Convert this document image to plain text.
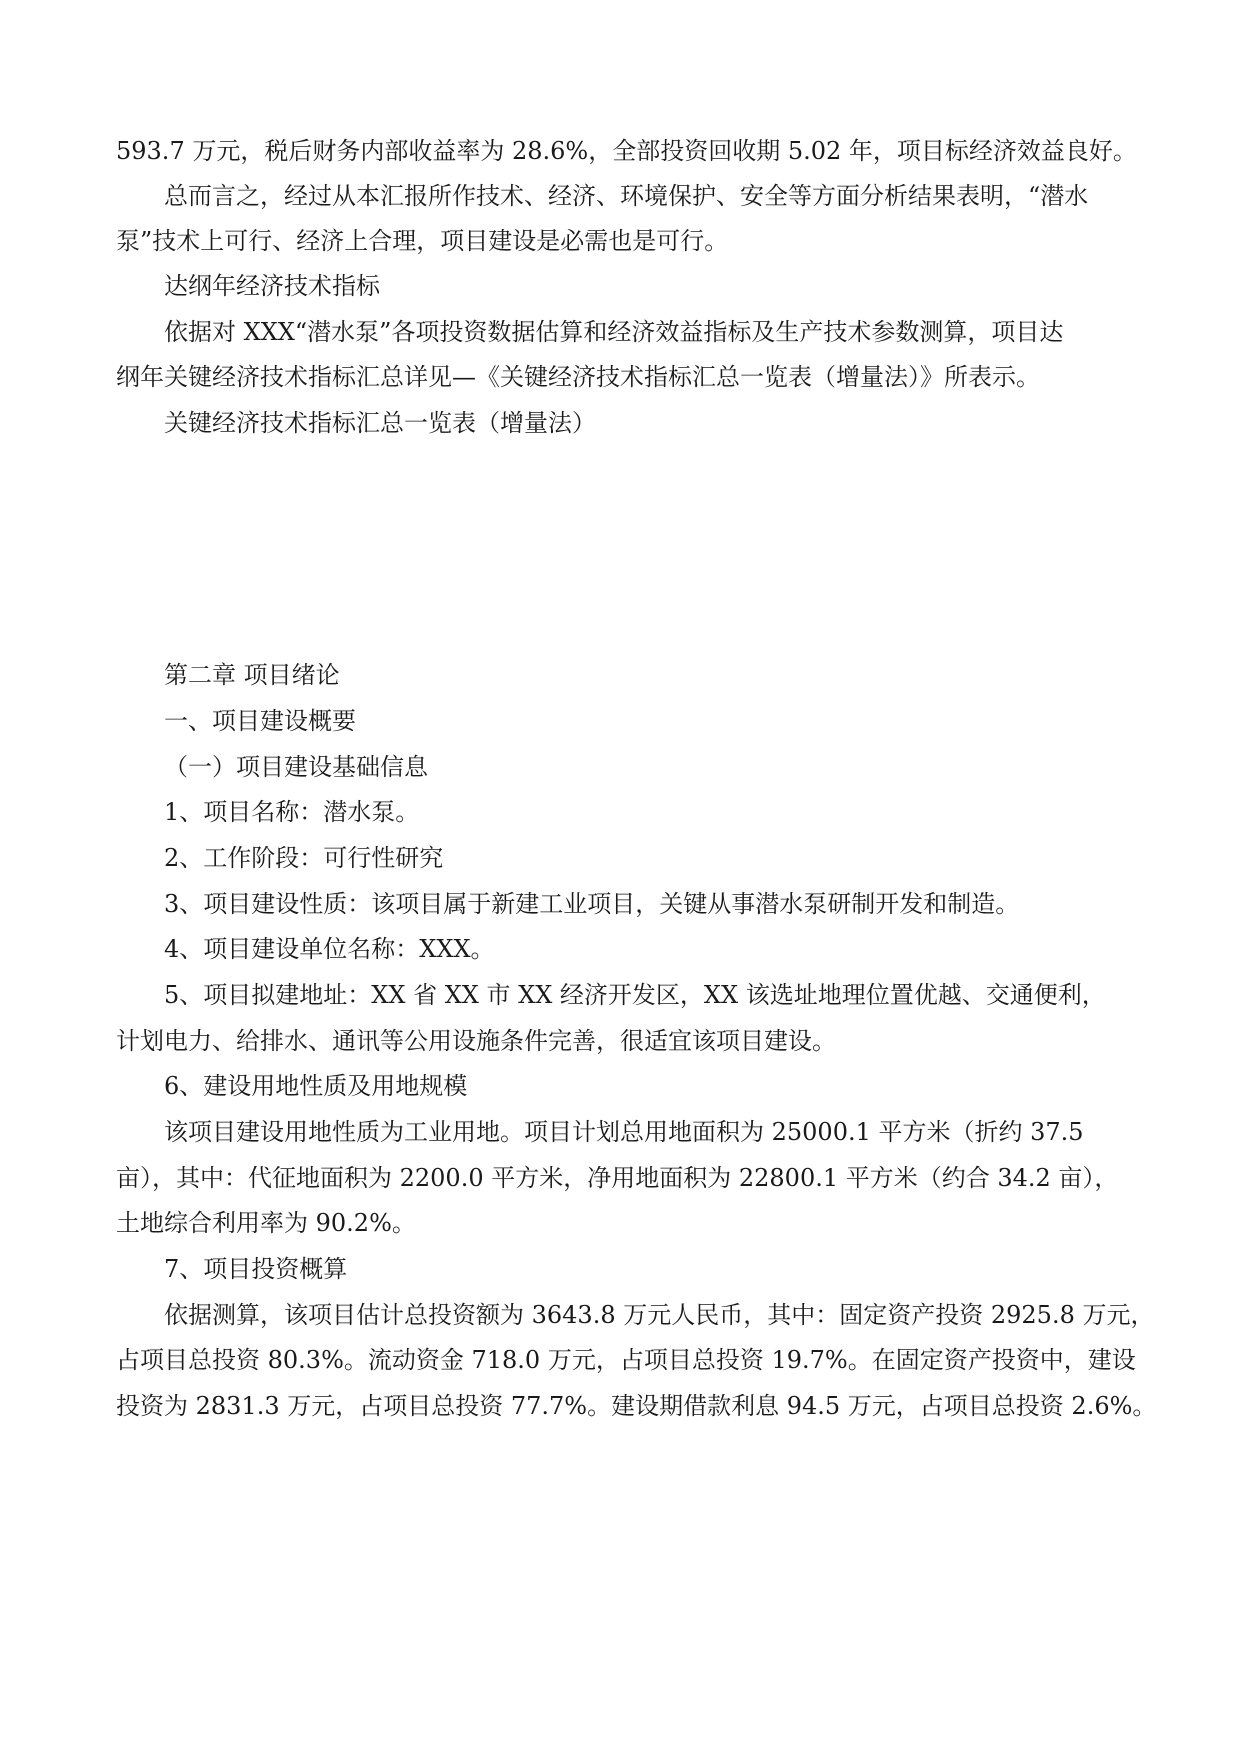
593.7 万元，税后财务内部收益率为 28.6%，全部投资回收期 5.02 年，项目标经济效益良好。
总而言之，经过从本汇报所作技术、经济、环境保护、安全等方面分析结果表明，“潜水
泵”技术上可行、经济上合理，项目建设是必需也是可行。
达纲年经济技术指标
依据对 XXX“潜水泵”各项投资数据估算和经济效益指标及生产技术参数测算，项目达
纲年关键经济技术指标汇总详见—《关键经济技术指标汇总一览表（增量法）》所表示。
关键经济技术指标汇总一览表（增量法）
第二章 项目绪论
一、项目建设概要
（一）项目建设基础信息
1、项目名称：潜水泵。
2、工作阶段：可行性研究
3、项目建设性质：该项目属于新建工业项目，关键从事潜水泵研制开发和制造。
4、项目建设单位名称：XXX。
5、项目拟建地址：XX 省 XX 市 XX 经济开发区，XX 该选址地理位置优越、交通便利，
计划电力、给排水、通讯等公用设施条件完善，很适宜该项目建设。
6、建设用地性质及用地规模
该项目建设用地性质为工业用地。项目计划总用地面积为 25000.1 平方米（折约 37.5
亩），其中：代征地面积为 2200.0 平方米，净用地面积为 22800.1 平方米（约合 34.2 亩），
土地综合利用率为 90.2%。
7、项目投资概算
依据测算，该项目估计总投资额为 3643.8 万元人民币，其中：固定资产投资 2925.8 万元，
占项目总投资 80.3%。流动资金 718.0 万元，占项目总投资 19.7%。在固定资产投资中，建设
投资为 2831.3 万元，占项目总投资 77.7%。建设期借款利息 94.5 万元，占项目总投资 2.6%。
